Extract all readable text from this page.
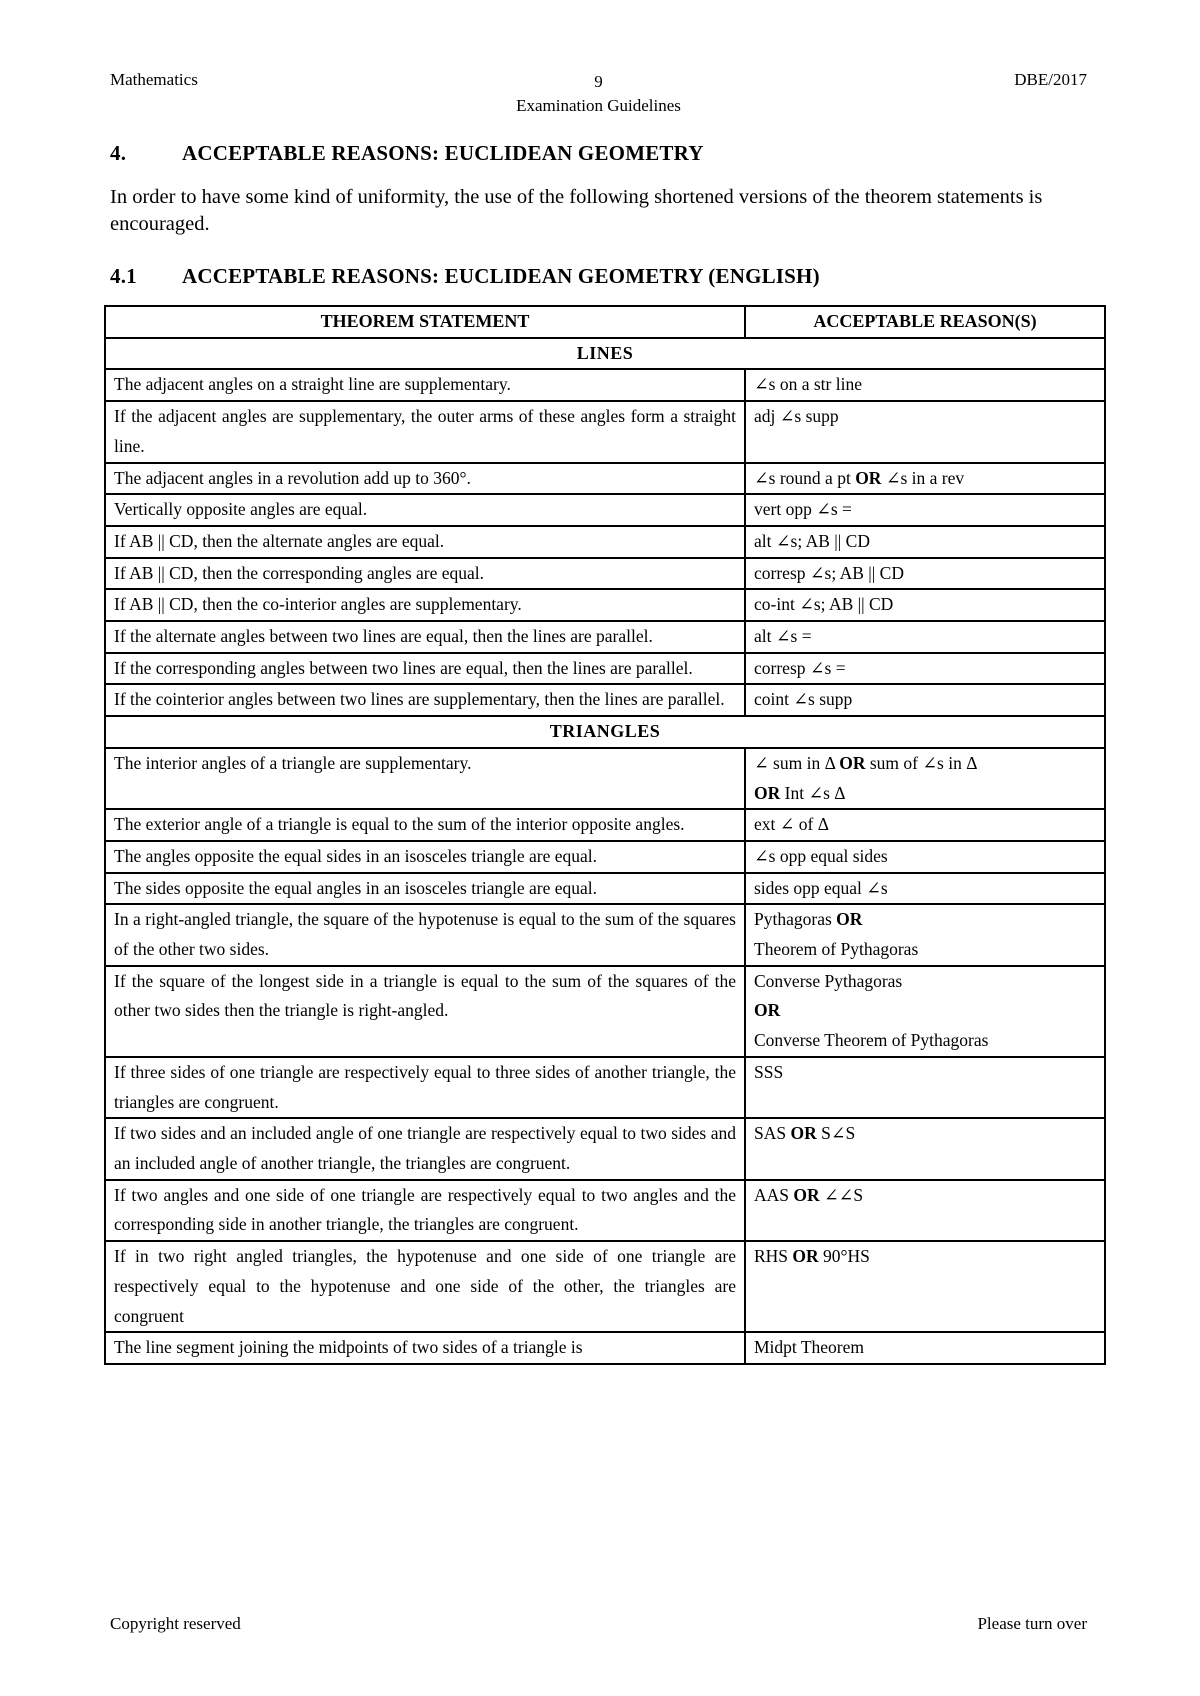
Mathematics	9
Examination Guidelines
DBE/2017
4.	ACCEPTABLE REASONS: EUCLIDEAN GEOMETRY
In order to have some kind of uniformity, the use of the following shortened versions of the theorem statements is encouraged.
4.1 ACCEPTABLE REASONS: EUCLIDEAN GEOMETRY (ENGLISH)
THEOREM STATEMENT	ACCEPTABLE REASON(S)
LINES	
The adjacent angles on a straight line are supplementary.	∠s on a str line
If the adjacent angles are supplementary, the outer arms of these angles form a straight line.	adj ∠s supp
The adjacent angles in a revolution add up to 360°.	∠s round a pt OR ∠s in a rev
Vertically opposite angles are equal.	vert opp ∠s =
If AB || CD, then the alternate angles are equal.	alt ∠s; AB || CD
If AB || CD, then the corresponding angles are equal.	corresp ∠s; AB || CD
If AB || CD, then the co-interior angles are supplementary.	co-int ∠s; AB || CD
If the alternate angles between two lines are equal, then the lines are parallel.	alt ∠s =
If the corresponding angles between two lines are equal, then the lines are parallel.	corresp ∠s =
If the cointerior angles between two lines are supplementary, then the lines are parallel.	coint ∠s supp
TRIANGLES	
The interior angles of a triangle are supplementary.	∠ sum in Δ OR sum of ∠s in Δ
OR Int ∠s Δ
The exterior angle of a triangle is equal to the sum of the interior opposite angles.	ext ∠ of Δ
The angles opposite the equal sides in an isosceles triangle are equal.	∠s opp equal sides
The sides opposite the equal angles in an isosceles triangle are equal.	sides opp equal ∠s
In a right-angled triangle, the square of the hypotenuse is equal to the sum of the squares of the other two sides.	Pythagoras OR
Theorem of Pythagoras
If the square of the longest side in a triangle is equal to the sum of the squares of the other two sides then the triangle is right-angled.	Converse Pythagoras
OR
Converse Theorem of Pythagoras
If three sides of one triangle are respectively equal to three sides of another triangle, the triangles are congruent.	SSS
If two sides and an included angle of one triangle are respectively equal to two sides and an included angle of another triangle, the triangles are congruent.	SAS OR S∠S
If two angles and one side of one triangle are respectively equal to two angles and the corresponding side in another triangle, the triangles are congruent.	AAS OR ∠∠S
If in two right angled triangles, the hypotenuse and one side of one triangle are respectively equal to the hypotenuse and one side of the other, the triangles are congruent	RHS OR 90°HS
The line segment joining the midpoints of two sides of a triangle is	Midpt Theorem
Copyright reserved	Please turn over
